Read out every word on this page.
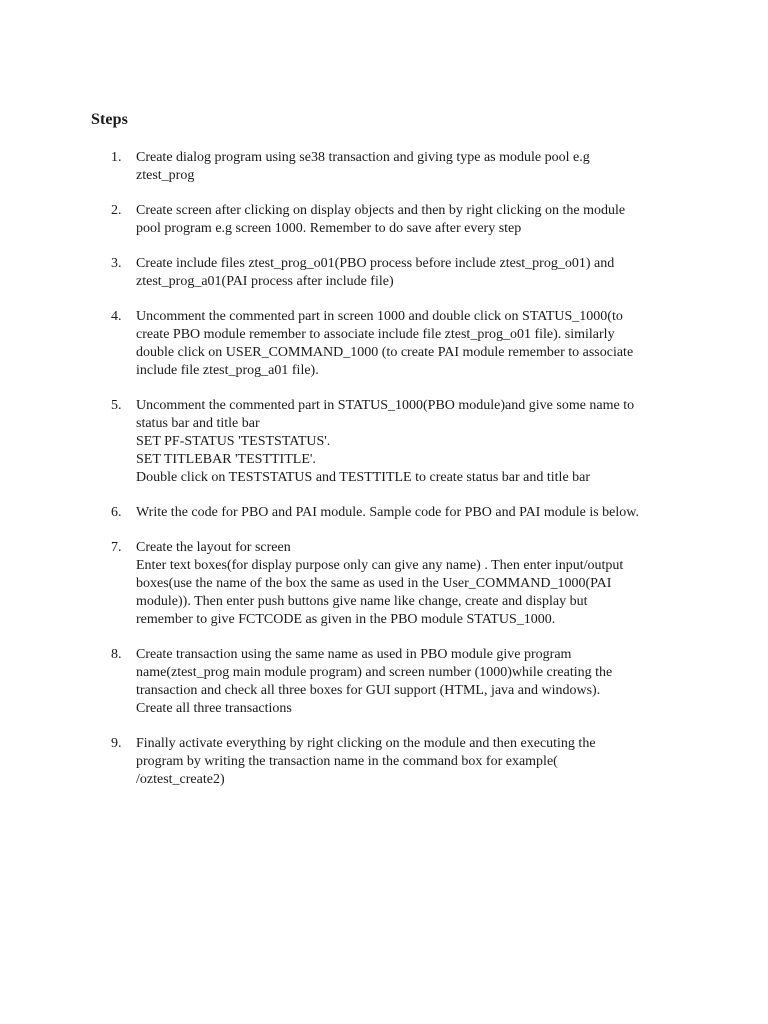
Steps
1.	Create dialog program using se38 transaction and giving type as module pool e.g
ztest_prog
2.	Create screen after clicking on display objects and then by right clicking on the module
pool program e.g screen 1000. Remember to do save after every step
3.	Create include files ztest_prog_o01(PBO process before include ztest_prog_o01) and
ztest_prog_a01(PAI process after include file)
4.	Uncomment the commented part in screen 1000 and double click on STATUS_1000(to
create PBO module remember to associate include file ztest_prog_o01 file). similarly
double click on USER_COMMAND_1000 (to create PAI module remember to associate
include file ztest_prog_a01 file).
5.	Uncomment the commented part in STATUS_1000(PBO module)and give some name to
status bar and title bar
SET PF-STATUS 'TESTSTATUS'.
SET TITLEBAR 'TESTTITLE'.
Double click on TESTSTATUS and TESTTITLE to create status bar and title bar
6.	Write the code for PBO and PAI module. Sample code for PBO and PAI module is below.
7.	Create the layout for screen
Enter text boxes(for display purpose only can give any name) . Then enter input/output
boxes(use the name of the box the same as used in the User_COMMAND_1000(PAI
module)). Then enter push buttons give name like change, create and display but
remember to give FCTCODE as given in the PBO module STATUS_1000.
8.	Create transaction using the same name as used in PBO module give program
name(ztest_prog main module program) and screen number (1000)while creating the
transaction and check all three boxes for GUI support (HTML, java and windows).
Create all three transactions
9.	Finally activate everything by right clicking on the module and then executing the
program by writing the transaction name in the command box for example(
/oztest_create2)
